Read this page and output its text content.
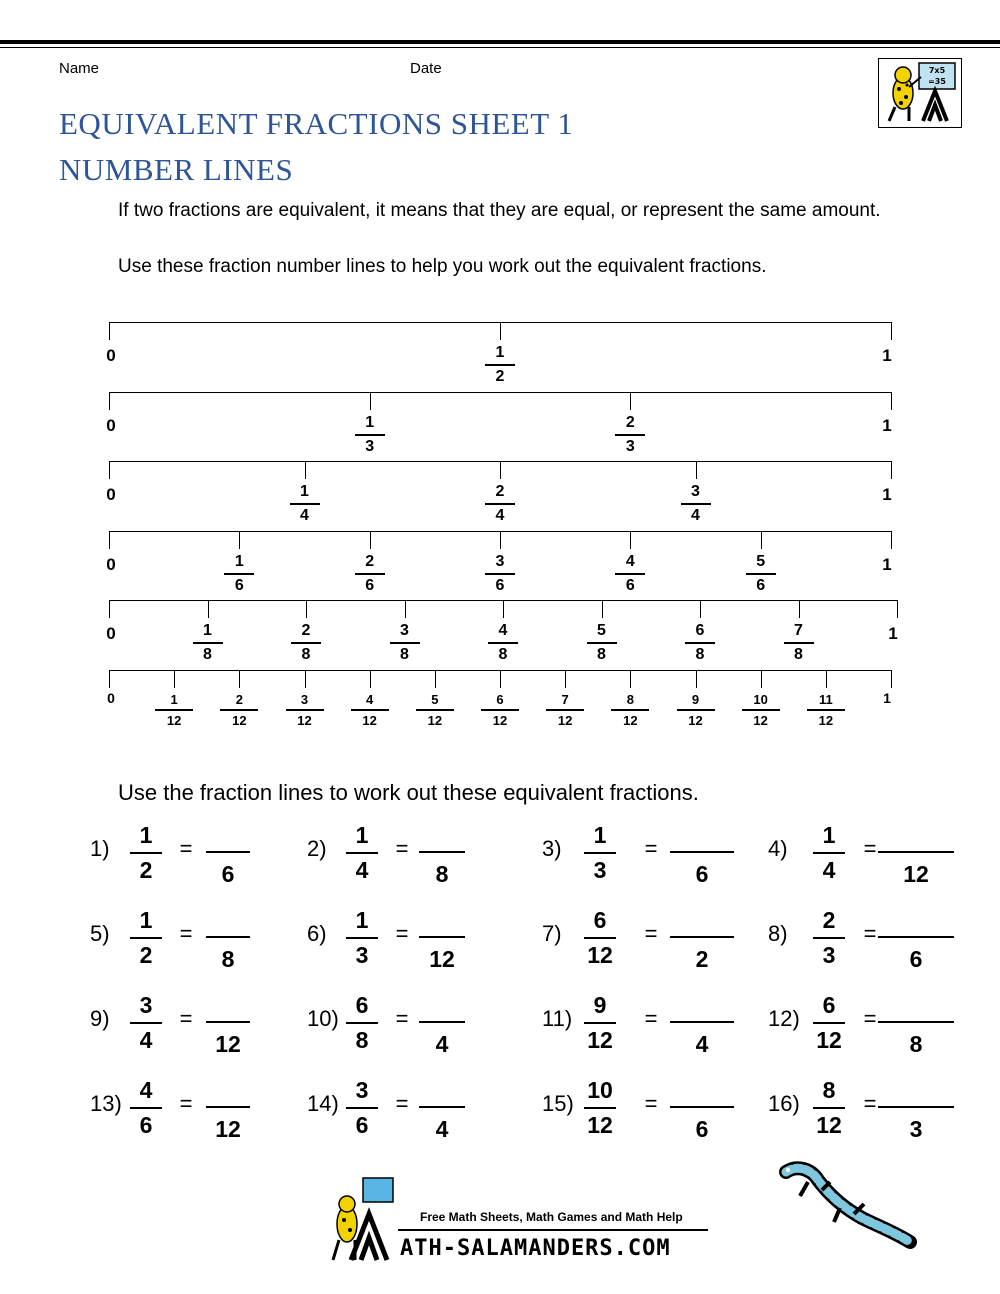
Name	Date	7x5
=35
EQUIVALENT FRACTIONS SHEET 1
NUMBER LINES
If two fractions are equivalent, it means that they are equal, or represent the same amount.
Use these fraction number lines to help you work out the equivalent fractions.
0	1
1
2
0	1
1
3
2
3
0	1
1
4
2
4
3
4
0	1
1
6
2
6
3
6
4
6
5
6
0	1
1
8
2
8
3
8
4
8
5
8
6
8
7
8
0	1
1
12
2
12
3
12
4
12
5
12
6
12
7
12
8
12
9
12
10
12
11
12
Use the fraction lines to work out these equivalent fractions.
1)
1
2
=
6
2)
1
4
=
8
3)
1
3
=
6
4)
1
4
=
12
5)
1
2
=
8
6)
1
3
=
12
7)
6
12
=
2
8)
2
3
=
6
9)
3
4
=
12
10)
6
8
=
4
11)
9
12
=
4
12)
6
12
=
8
13)
4
6
=
12
14)
3
6
=
4
15)
10
12
=
6
16)
8
12
=
3
Free Math Sheets, Math Games and Math Help
ATH-SALAMANDERS.COM
